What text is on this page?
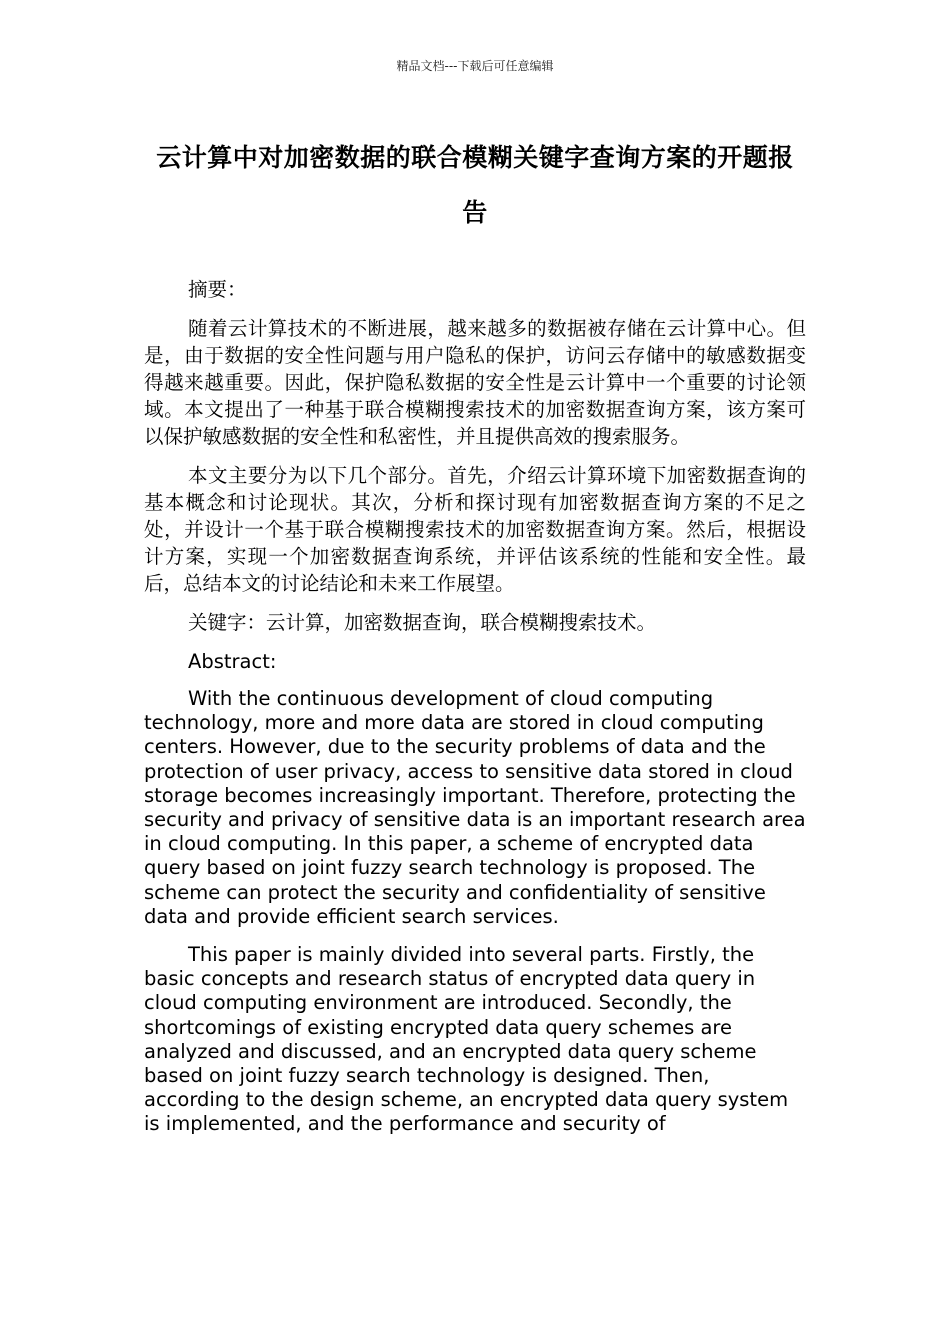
精品文档---下载后可任意编辑
云计算中对加密数据的联合模糊关键字查询方案的开题报告

摘要：

随着云计算技术的不断进展，越来越多的数据被存储在云计算中心。但是，由于数据的安全性问题与用户隐私的保护，访问云存储中的敏感数据变得越来越重要。因此，保护隐私数据的安全性是云计算中一个重要的讨论领域。本文提出了一种基于联合模糊搜索技术的加密数据查询方案，该方案可以保护敏感数据的安全性和私密性，并且提供高效的搜索服务。

本文主要分为以下几个部分。首先，介绍云计算环境下加密数据查询的基本概念和讨论现状。其次，分析和探讨现有加密数据查询方案的不足之处，并设计一个基于联合模糊搜索技术的加密数据查询方案。然后，根据设计方案，实现一个加密数据查询系统，并评估该系统的性能和安全性。最后，总结本文的讨论结论和未来工作展望。

关键字：云计算，加密数据查询，联合模糊搜索技术。

Abstract:

With the continuous development of cloud computing technology, more and more data are stored in cloud computing centers. However, due to the security problems of data and the protection of user privacy, access to sensitive data stored in cloud storage becomes increasingly important. Therefore, protecting the security and privacy of sensitive data is an important research area in cloud computing. In this paper, a scheme of encrypted data query based on joint fuzzy search technology is proposed. The scheme can protect the security and confidentiality of sensitive data and provide efficient search services.

This paper is mainly divided into several parts. Firstly, the basic concepts and research status of encrypted data query in cloud computing environment are introduced. Secondly, the shortcomings of existing encrypted data query schemes are analyzed and discussed, and an encrypted data query scheme based on joint fuzzy search technology is designed. Then, according to the design scheme, an encrypted data query system is implemented, and the performance and security of
